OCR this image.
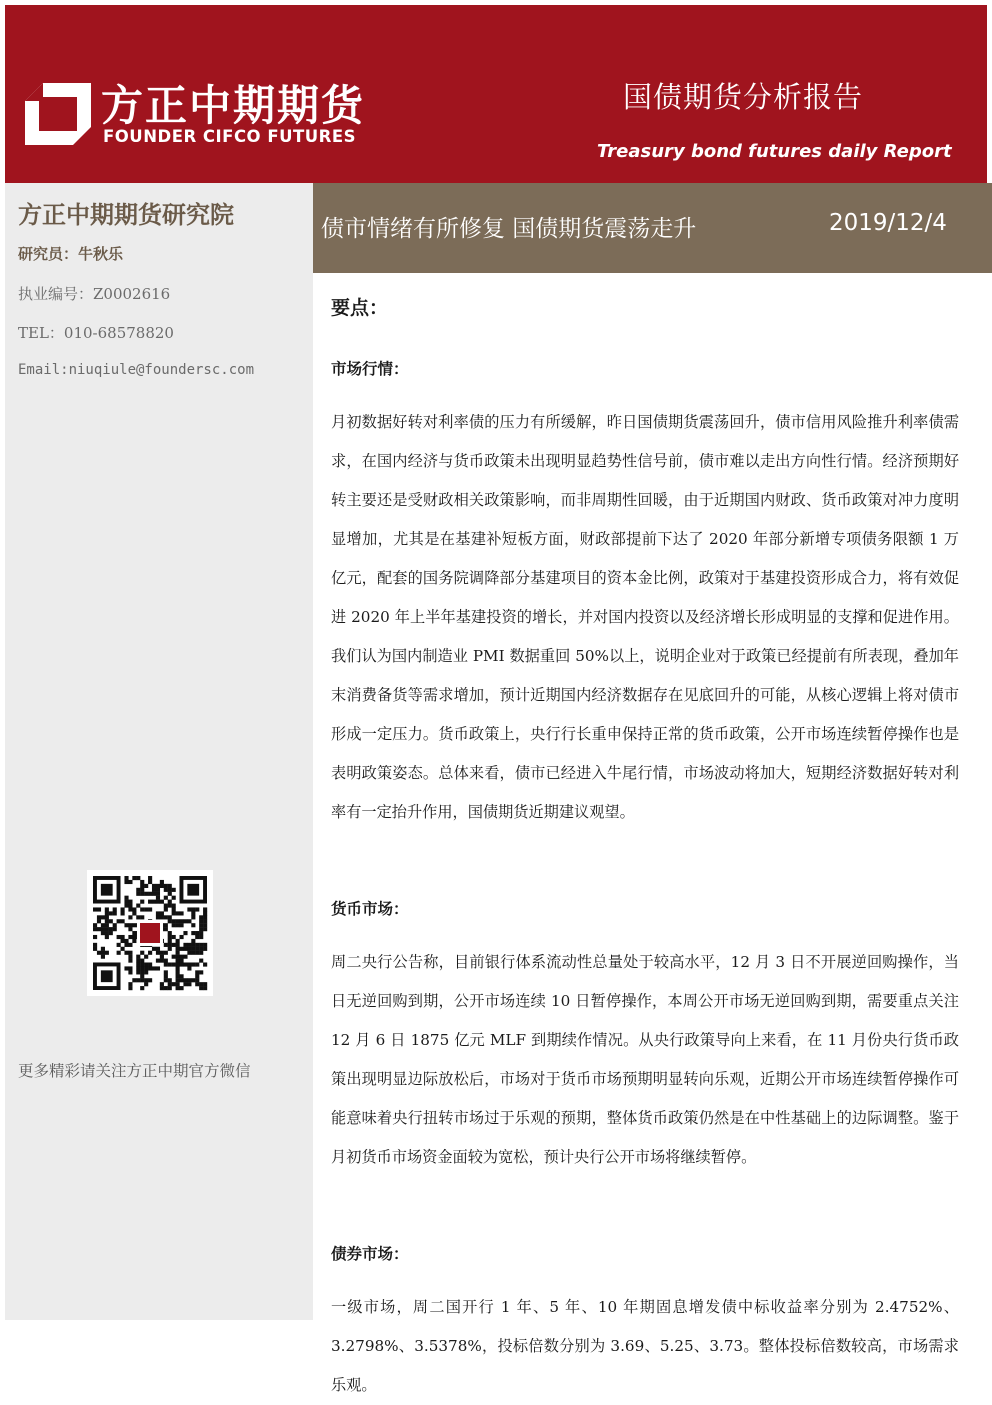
方正中期期货
FOUNDER CIFCO FUTURES
国债期货分析报告
Treasury bond futures daily Report
方正中期期货研究院
研究员：牛秋乐
执业编号：Z0002616
TEL：010-68578820
Email:niuqiule@foundersc.com
更多精彩请关注方正中期官方微信
债市情绪有所修复 国债期货震荡走升	2019/12/4
要点：
市场行情：
月初数据好转对利率债的压力有所缓解，昨日国债期货震荡回升，债市信用风险推升利率债需求，在国内经济与货币政策未出现明显趋势性信号前，债市难以走出方向性行情。经济预期好转主要还是受财政相关政策影响，而非周期性回暖，由于近期国内财政、货币政策对冲力度明显增加，尤其是在基建补短板方面，财政部提前下达了 2020 年部分新增专项债务限额 1 万亿元，配套的国务院调降部分基建项目的资本金比例，政策对于基建投资形成合力，将有效促进 2020 年上半年基建投资的增长，并对国内投资以及经济增长形成明显的支撑和促进作用。我们认为国内制造业 PMI 数据重回 50%以上，说明企业对于政策已经提前有所表现，叠加年末消费备货等需求增加，预计近期国内经济数据存在见底回升的可能，从核心逻辑上将对债市形成一定压力。货币政策上，央行行长重申保持正常的货币政策，公开市场连续暂停操作也是表明政策姿态。总体来看，债市已经进入牛尾行情，市场波动将加大，短期经济数据好转对利率有一定抬升作用，国债期货近期建议观望。
货币市场：
周二央行公告称，目前银行体系流动性总量处于较高水平，12 月 3 日不开展逆回购操作，当日无逆回购到期，公开市场连续 10 日暂停操作，本周公开市场无逆回购到期，需要重点关注 12 月 6 日 1875 亿元 MLF 到期续作情况。从央行政策导向上来看，在 11 月份央行货币政策出现明显边际放松后，市场对于货币市场预期明显转向乐观，近期公开市场连续暂停操作可能意味着央行扭转市场过于乐观的预期，整体货币政策仍然是在中性基础上的边际调整。鉴于月初货币市场资金面较为宽松，预计央行公开市场将继续暂停。
债券市场：
一级市场，周二国开行 1 年、5 年、10 年期固息增发债中标收益率分别为 2.4752%、3.2798%、3.5378%，投标倍数分别为 3.69、5.25、3.73。整体投标倍数较高，市场需求乐观。
